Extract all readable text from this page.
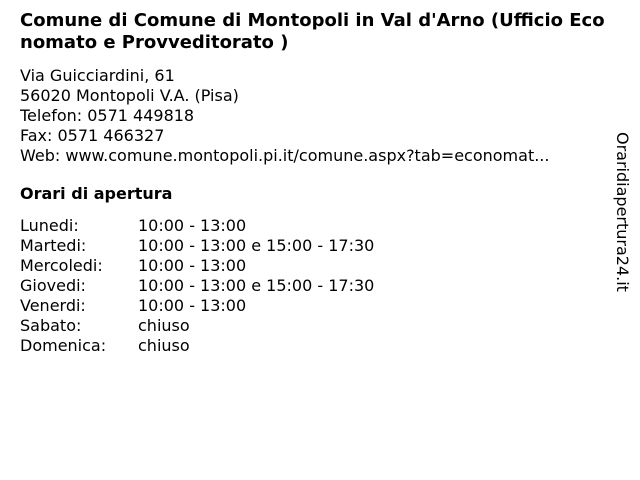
Comune di Comune di Montopoli in Val d'Arno (Ufficio Economato e Provveditorato )
Via Guicciardini, 61
56020 Montopoli V.A. (Pisa)
Telefon: 0571 449818
Fax: 0571 466327
Web: www.comune.montopoli.pi.it/comune.aspx?tab=economat...
Orari di apertura
Lunedi:	10:00 - 13:00
Martedi:	10:00 - 13:00 e 15:00 - 17:30
Mercoledi:	10:00 - 13:00
Giovedi:	10:00 - 13:00 e 15:00 - 17:30
Venerdi:	10:00 - 13:00
Sabato:	chiuso
Domenica:	chiuso
Oraridiapertura24.it
